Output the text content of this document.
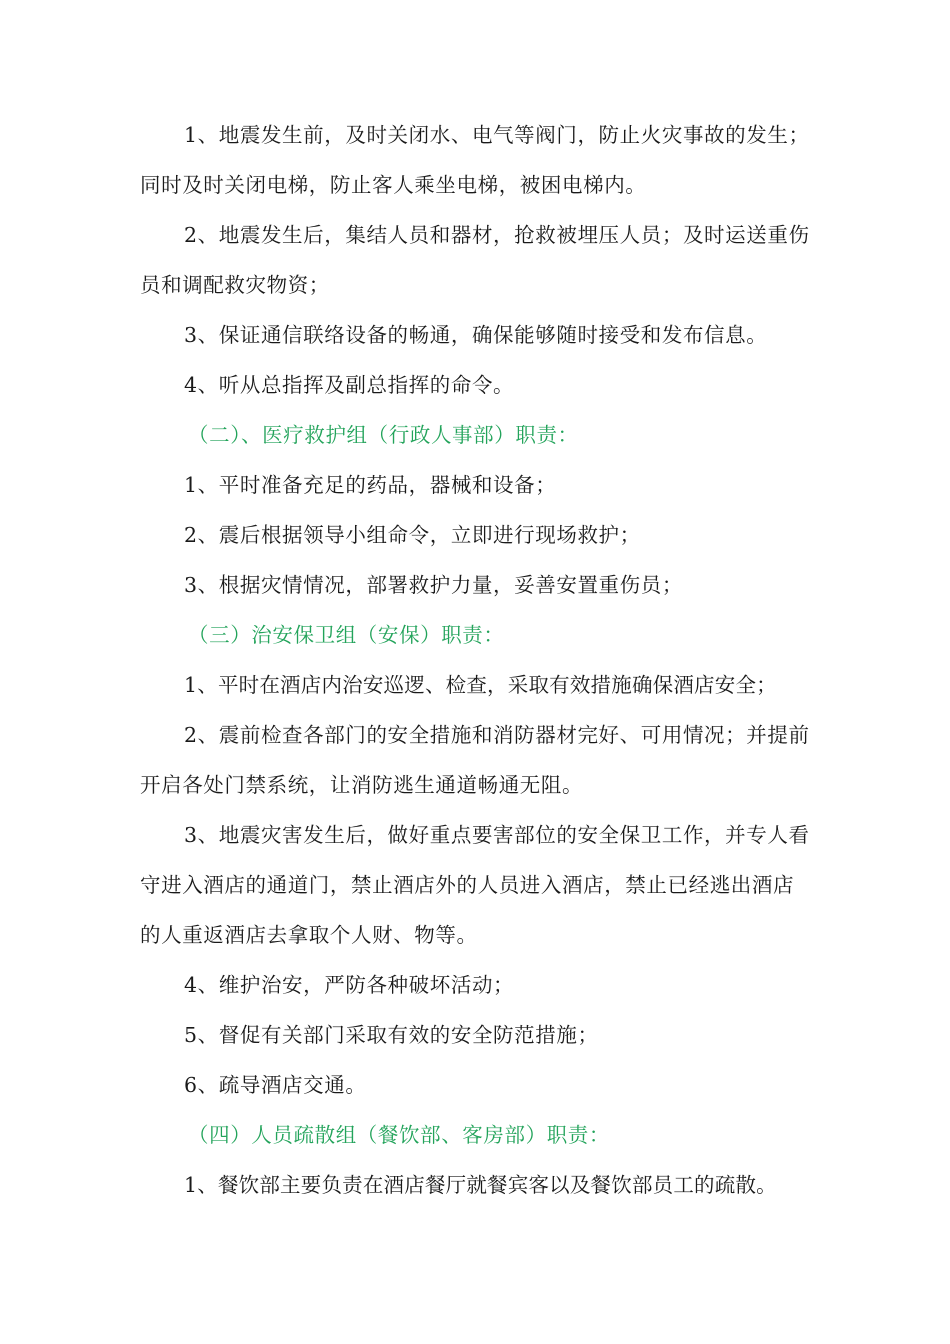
1、地震发生前，及时关闭水、电气等阀门，防止火灾事故的发生；同时及时关闭电梯，防止客人乘坐电梯，被困电梯内。

2、地震发生后，集结人员和器材，抢救被埋压人员；及时运送重伤员和调配救灾物资；

3、保证通信联络设备的畅通，确保能够随时接受和发布信息。

4、听从总指挥及副总指挥的命令。

（二）、医疗救护组（行政人事部）职责：

1、平时准备充足的药品，器械和设备；

2、震后根据领导小组命令，立即进行现场救护；

3、根据灾情情况，部署救护力量，妥善安置重伤员；

（三）治安保卫组（安保）职责：

1、平时在酒店内治安巡逻、检查，采取有效措施确保酒店安全；

2、震前检查各部门的安全措施和消防器材完好、可用情况；并提前开启各处门禁系统，让消防逃生通道畅通无阻。

3、地震灾害发生后，做好重点要害部位的安全保卫工作，并专人看守进入酒店的通道门，禁止酒店外的人员进入酒店，禁止已经逃出酒店的人重返酒店去拿取个人财、物等。

4、维护治安，严防各种破坏活动；

5、督促有关部门采取有效的安全防范措施；

6、疏导酒店交通。

（四）人员疏散组（餐饮部、客房部）职责：

1、餐饮部主要负责在酒店餐厅就餐宾客以及餐饮部员工的疏散。
